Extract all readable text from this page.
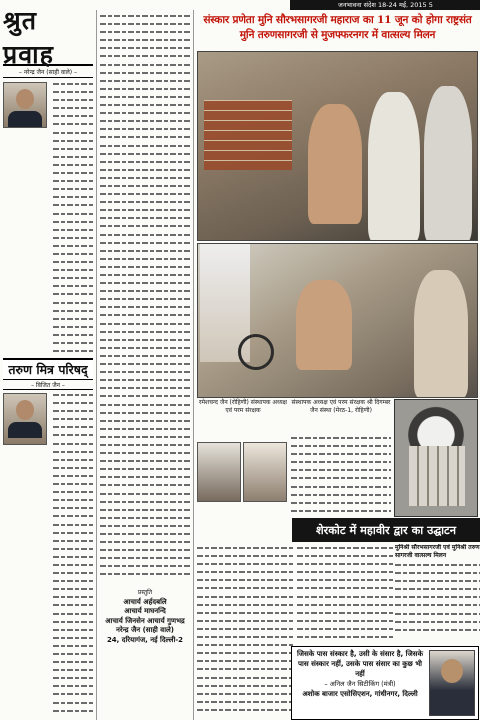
जनभावना संदेश 18-24 मई, 2015 5
श्रुत प्रवाह
– नरेन्द्र जैन (साही वाले) –
तरुण मित्र परिषद्
– विजित जैन –
प्रस्तुति
आचार्य अर्हदबलि
आचार्य माघनन्दि
आचार्य जिनसेन आचार्य गुणभद्र
नरेन्द्र जैन (साही वाले)
24, दरियागंज, नई दिल्ली-2
संस्कार प्रणेता मुनि सौरभसागरजी महाराज का 11 जून को होगा राष्ट्रसंत मुनि तरुणसागरजी से मुजफ्फरनगर में वात्सल्य मिलन
रमेशचन्द जैन (रोहिणी) संस्थापक अध्यक्ष एवं परम संरक्षक
संस्थापक अध्यक्ष एवं परम संरक्षक श्री दिगम्बर जैन संस्था (मेरठ-1, रोहिणी)
शेरकोट में महावीर द्वार का उद्घाटन
मुनिश्री सौरभसागरजी एवं मुनिश्री तरुण सागरजी वात्सल्य मिलन
जिसके पास संस्कार है, उसी के संसार है, जिसके पास संस्कार नहीं, उसके पास संसार का कुछ भी नहीं
– अनिल जैन सिटीकिंग (मंत्री)
अशोक बाजार एसोसिएशन, गांधीनगर, दिल्ली
